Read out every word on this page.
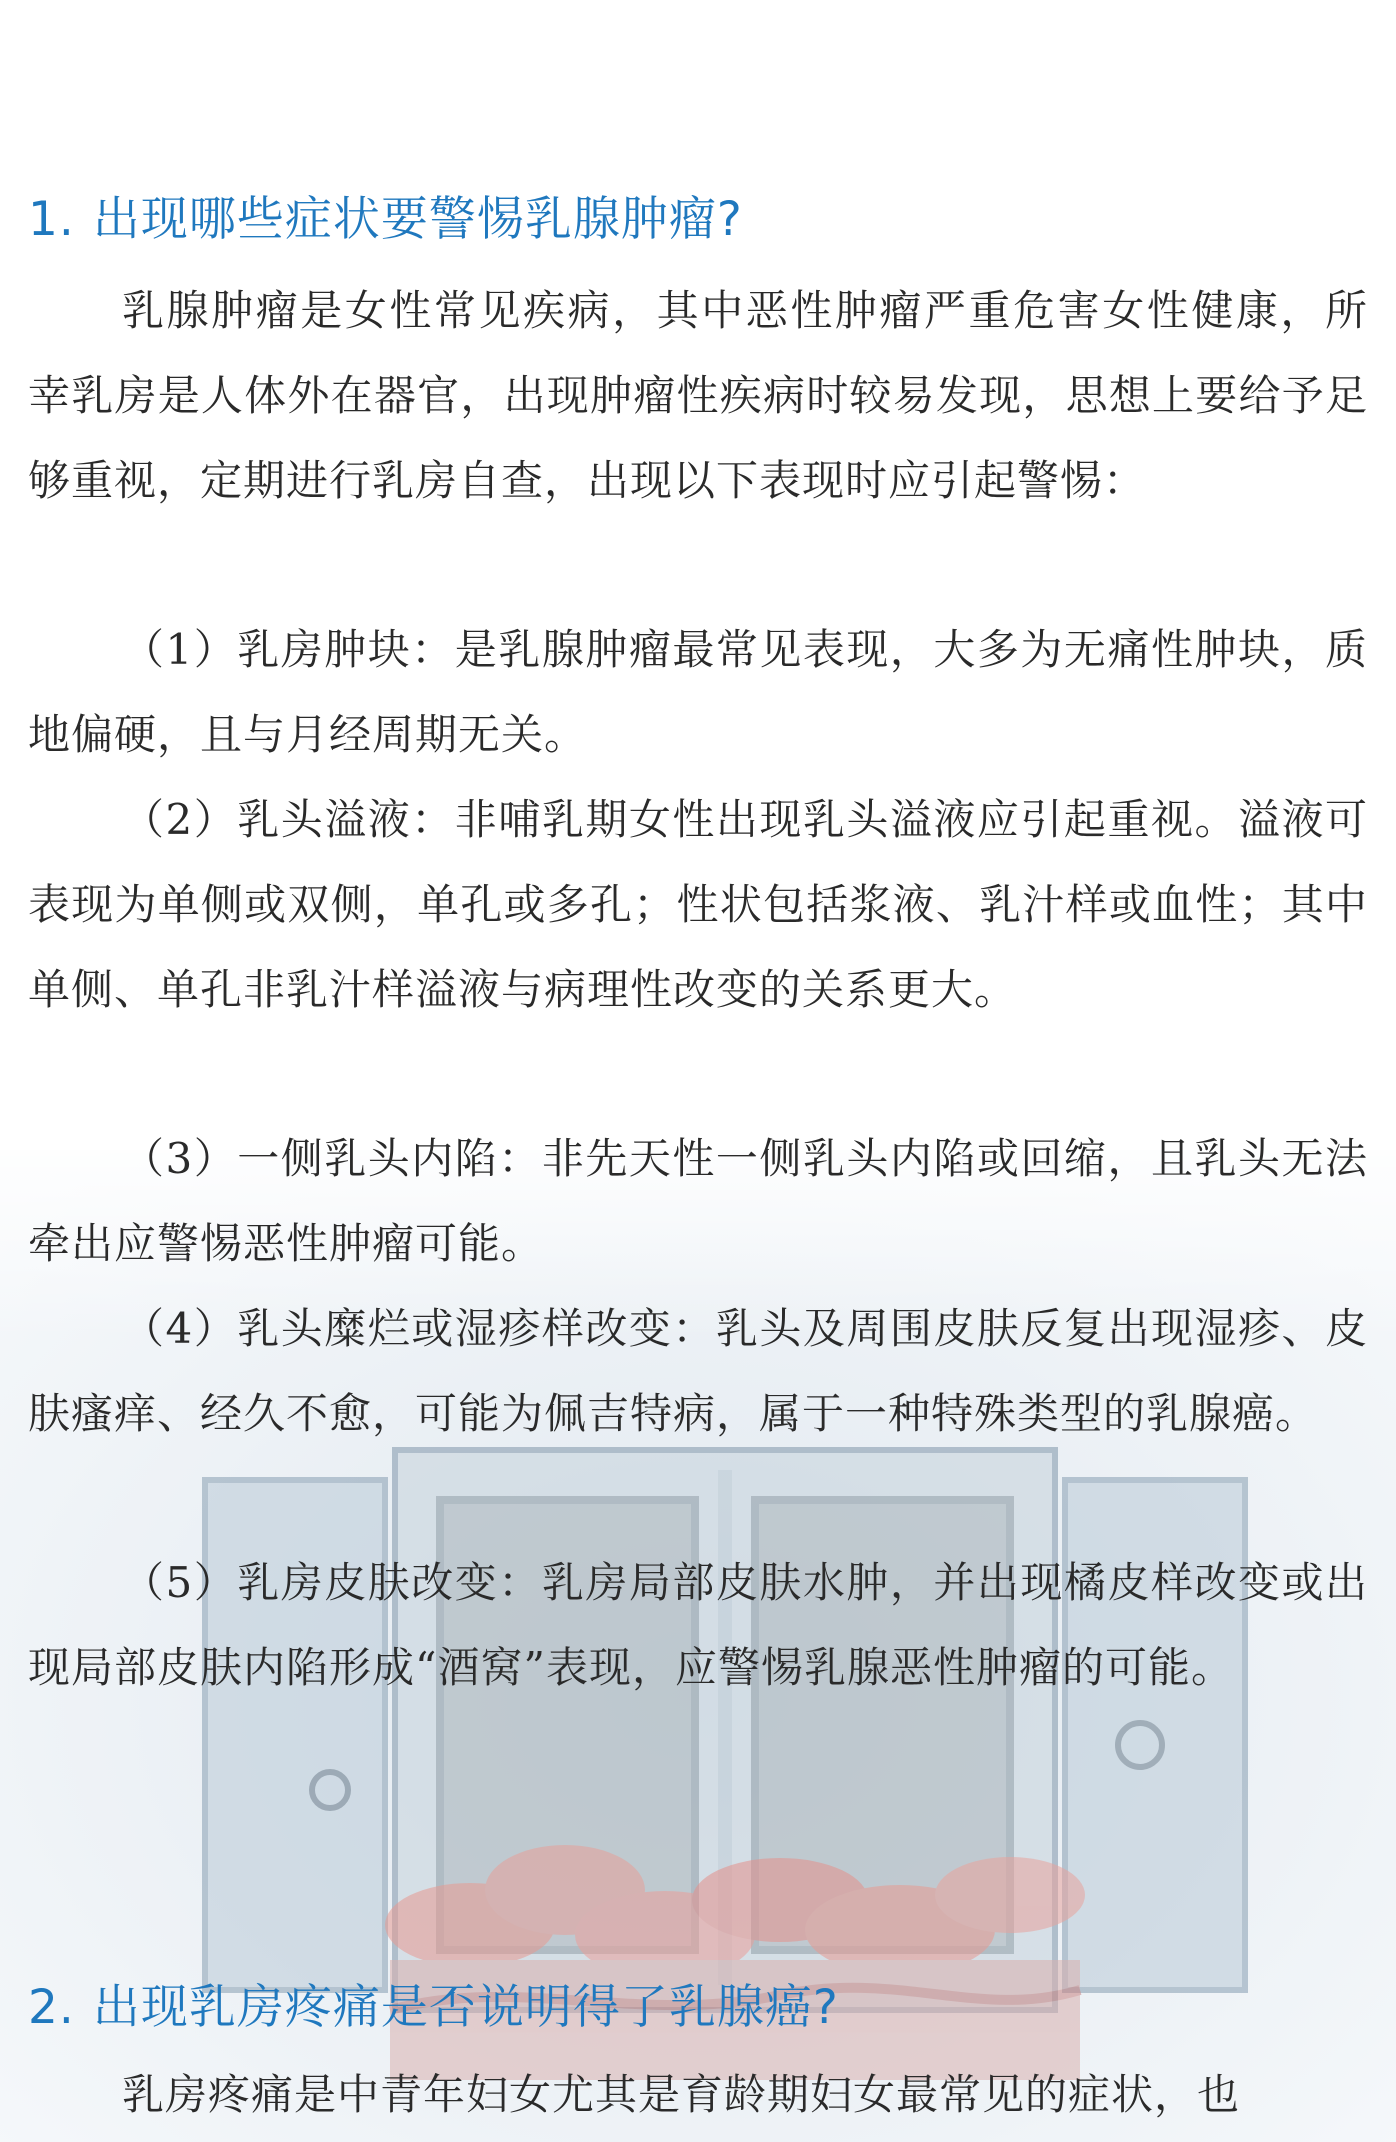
1. 出现哪些症状要警惕乳腺肿瘤?

乳腺肿瘤是女性常见疾病，其中恶性肿瘤严重危害女性健康，所幸乳房是人体外在器官，出现肿瘤性疾病时较易发现，思想上要给予足够重视，定期进行乳房自查，出现以下表现时应引起警惕：

（1）乳房肿块：是乳腺肿瘤最常见表现，大多为无痛性肿块，质地偏硬，且与月经周期无关。

（2）乳头溢液：非哺乳期女性出现乳头溢液应引起重视。溢液可表现为单侧或双侧，单孔或多孔；性状包括浆液、乳汁样或血性；其中单侧、单孔非乳汁样溢液与病理性改变的关系更大。

（3）一侧乳头内陷：非先天性一侧乳头内陷或回缩，且乳头无法牵出应警惕恶性肿瘤可能。

（4）乳头糜烂或湿疹样改变：乳头及周围皮肤反复出现湿疹、皮肤瘙痒、经久不愈，可能为佩吉特病，属于一种特殊类型的乳腺癌。

（5）乳房皮肤改变：乳房局部皮肤水肿，并出现橘皮样改变或出现局部皮肤内陷形成“酒窝”表现，应警惕乳腺恶性肿瘤的可能。

2. 出现乳房疼痛是否说明得了乳腺癌?

乳房疼痛是中青年妇女尤其是育龄期妇女最常见的症状，也
